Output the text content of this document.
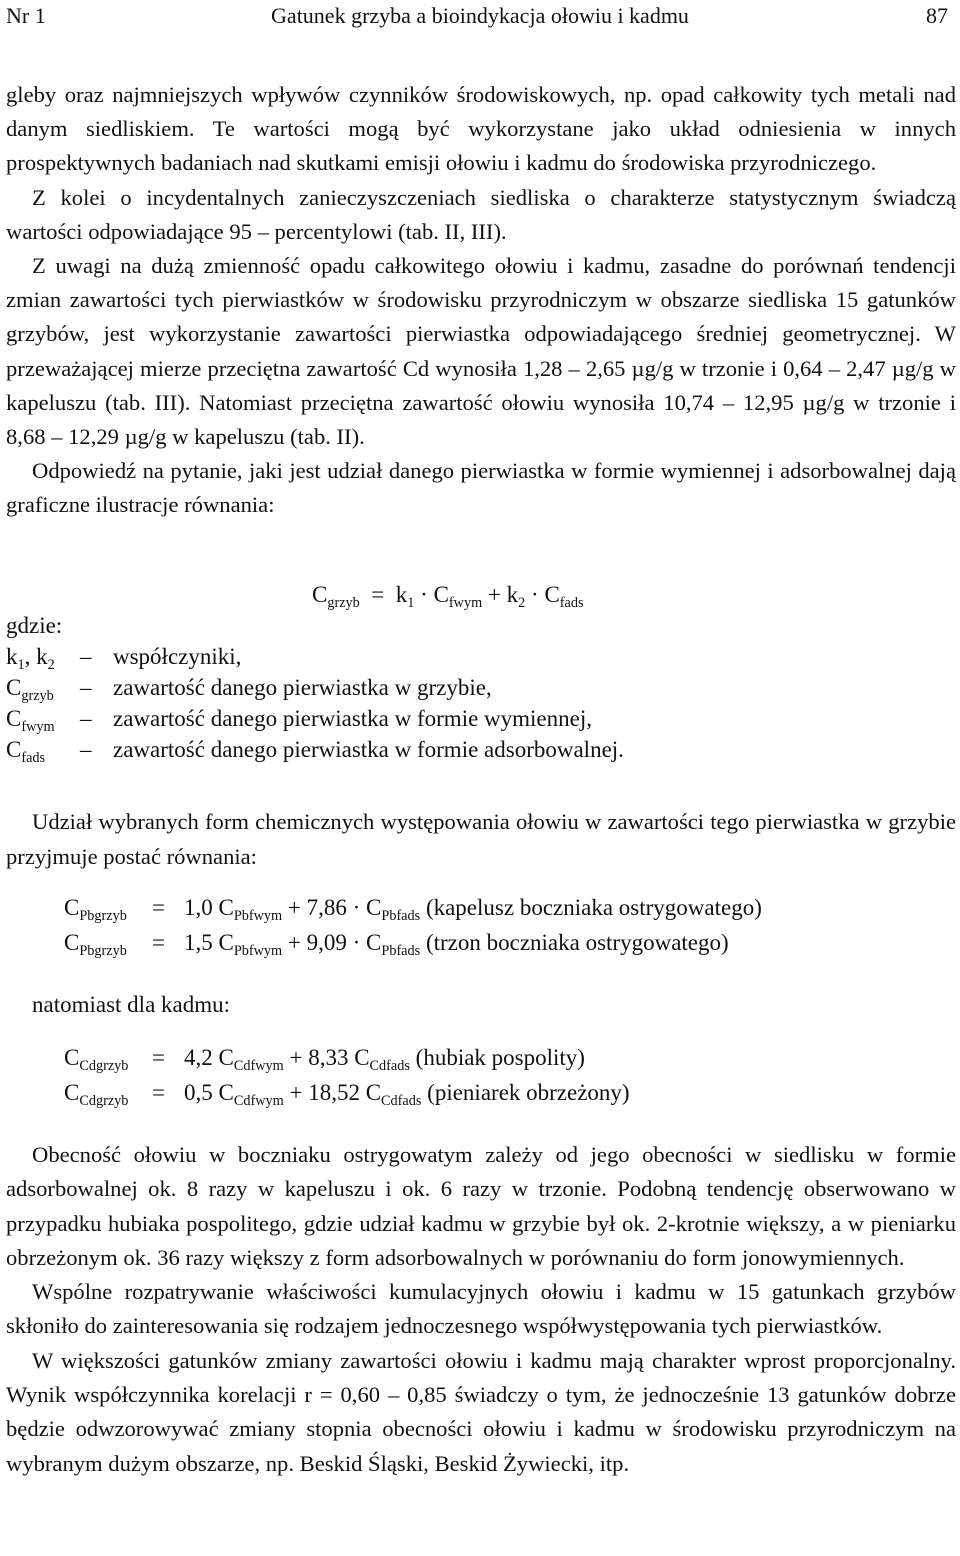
Nr 1	Gatunek grzyba a bioindykacja ołowiu i kadmu	87

gleby oraz najmniejszych wpływów czynników środowiskowych, np. opad całkowity tych metali nad danym siedliskiem. Te wartości mogą być wykorzystane jako układ odniesienia w innych prospektywnych badaniach nad skutkami emisji ołowiu i kadmu do środowiska przyrodniczego.

Z kolei o incydentalnych zanieczyszczeniach siedliska o charakterze statystycznym świadczą wartości odpowiadające 95 – percentylowi (tab. II, III).

Z uwagi na dużą zmienność opadu całkowitego ołowiu i kadmu, zasadne do porównań tendencji zmian zawartości tych pierwiastków w środowisku przyrodniczym w obszarze siedliska 15 gatunków grzybów, jest wykorzystanie zawartości pierwiastka odpowiadającego średniej geometrycznej. W przeważającej mierze przeciętna zawartość Cd wynosiła 1,28 – 2,65 µg/g w trzonie i 0,64 – 2,47 µg/g w kapeluszu (tab. III). Natomiast przeciętna zawartość ołowiu wynosiła 10,74 – 12,95 µg/g w trzonie i 8,68 – 12,29 µg/g w kapeluszu (tab. II).

Odpowiedź na pytanie, jaki jest udział danego pierwiastka w formie wymiennej i adsorbowalnej dają graficzne ilustracje równania:

$C_{grzyb} = k_1 \cdot C_{fwym} + k_2 \cdot C_{fads}$
gdzie:
$k_1$, $k_2$ – współczyniki,
$C_{grzyb}$ – zawartość danego pierwiastka w grzybie,
$C_{fwym}$ – zawartość danego pierwiastka w formie wymiennej,
$C_{fads}$ – zawartość danego pierwiastka w formie adsorbowalnej.
Udział wybranych form chemicznych występowania ołowiu w zawartości tego pierwiastka w grzybie przyjmuje postać równania:
$C_{Pbgrzyb} = 1,0$ $C_{Pbfwym} + 7,86 \cdot C_{Pbfads}$ (kapelusz boczniaka ostrygowatego)
$C_{Pbgrzyb} = 1,5$ $C_{Pbfwym} + 9,09 \cdot C_{Pbfads}$ (trzon boczniaka ostrygowatego)
natomiast dla kadmu:
$C_{Cdgrzyb} = 4,2$ $C_{Cdfwym} + 8,33$ $C_{Cdfads}$ (hubiak pospolity)
$C_{Cdgrzyb} = 0,5$ $C_{Cdfwym} + 18,52$ $C_{Cdfads}$ (pieniarek obrzeżony)

Obecność ołowiu w boczniaku ostrygowatym zależy od jego obecności w siedlisku w formie adsorbowalnej ok. 8 razy w kapeluszu i ok. 6 razy w trzonie. Podobną tendencję obserwowano w przypadku hubiaka pospolitego, gdzie udział kadmu w grzybie był ok. 2-krotnie większy, a w pieniarku obrzeżonym ok. 36 razy większy z form adsorbowalnych w porównaniu do form jonowymiennych.

Wspólne rozpatrywanie właściwości kumulacyjnych ołowiu i kadmu w 15 gatunkach grzybów skłoniło do zainteresowania się rodzajem jednoczesnego współwystępowania tych pierwiastków.

W większości gatunków zmiany zawartości ołowiu i kadmu mają charakter wprost proporcjonalny. Wynik współczynnika korelacji r = 0,60 – 0,85 świadczy o tym, że jednocześnie 13 gatunków dobrze będzie odwzorowywać zmiany stopnia obecności ołowiu i kadmu w środowisku przyrodniczym na wybranym dużym obszarze, np. Beskid Śląski, Beskid Żywiecki, itp.
